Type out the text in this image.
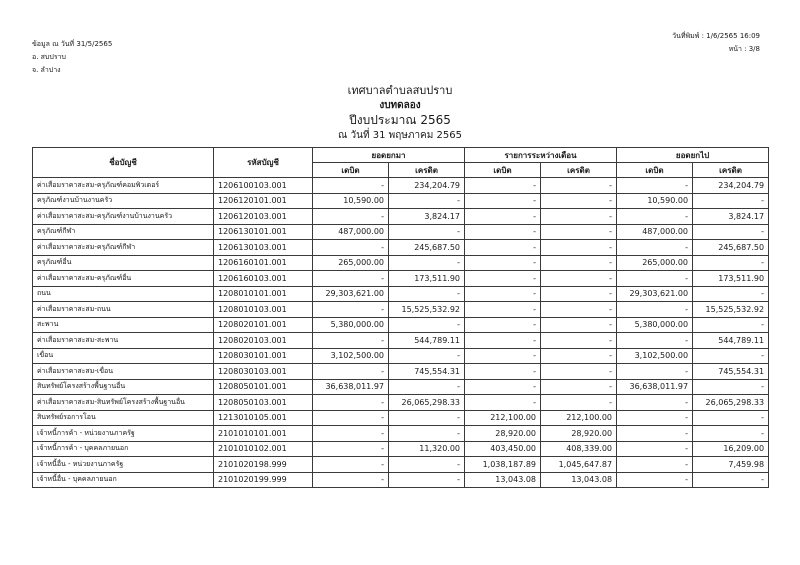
ข้อมูล ณ วันที่ 31/5/2565
อ. สบปราบ
จ. ลำปาง
วันที่พิมพ์ : 1/6/2565 16:09
หน้า : 3/8
เทศบาลตำบลสบปราบ
งบทดลอง
ปีงบประมาณ 2565
ณ วันที่ 31 พฤษภาคม 2565
ชื่อบัญชี	รหัสบัญชี	ยอดยกมา		รายการระหว่างเดือน		ยอดยกไป	
		เดบิต	เครดิต	เดบิต	เครดิต	เดบิต	เครดิต
ค่าเสื่อมราคาสะสม-ครุภัณฑ์คอมพิวเตอร์	1206100103.001	-	234,204.79	-	-	-	234,204.79
ครุภัณฑ์งานบ้านงานครัว	1206120101.001	10,590.00	-	-	-	10,590.00	-
ค่าเสื่อมราคาสะสม-ครุภัณฑ์งานบ้านงานครัว	1206120103.001	-	3,824.17	-	-	-	3,824.17
ครุภัณฑ์กีฬา	1206130101.001	487,000.00	-	-	-	487,000.00	-
ค่าเสื่อมราคาสะสม-ครุภัณฑ์กีฬา	1206130103.001	-	245,687.50	-	-	-	245,687.50
ครุภัณฑ์อื่น	1206160101.001	265,000.00	-	-	-	265,000.00	-
ค่าเสื่อมราคาสะสม-ครุภัณฑ์อื่น	1206160103.001	-	173,511.90	-	-	-	173,511.90
ถนน	1208010101.001	29,303,621.00	-	-	-	29,303,621.00	-
ค่าเสื่อมราคาสะสม-ถนน	1208010103.001	-	15,525,532.92	-	-	-	15,525,532.92
สะพาน	1208020101.001	5,380,000.00	-	-	-	5,380,000.00	-
ค่าเสื่อมราคาสะสม-สะพาน	1208020103.001	-	544,789.11	-	-	-	544,789.11
เขื่อน	1208030101.001	3,102,500.00	-	-	-	3,102,500.00	-
ค่าเสื่อมราคาสะสม-เขื่อน	1208030103.001	-	745,554.31	-	-	-	745,554.31
สินทรัพย์โครงสร้างพื้นฐานอื่น	1208050101.001	36,638,011.97	-	-	-	36,638,011.97	-
ค่าเสื่อมราคาสะสม-สินทรัพย์โครงสร้างพื้นฐานอื่น	1208050103.001	-	26,065,298.33	-	-	-	26,065,298.33
สินทรัพย์รอการโอน	1213010105.001	-	-	212,100.00	212,100.00	-	-
เจ้าหนี้การค้า - หน่วยงานภาครัฐ	2101010101.001	-	-	28,920.00	28,920.00	-	-
เจ้าหนี้การค้า - บุคคลภายนอก	2101010102.001	-	11,320.00	403,450.00	408,339.00	-	16,209.00
เจ้าหนี้อื่น - หน่วยงานภาครัฐ	2101020198.999	-	-	1,038,187.89	1,045,647.87	-	7,459.98
เจ้าหนี้อื่น - บุคคลภายนอก	2101020199.999	-	-	13,043.08	13,043.08	-	-
